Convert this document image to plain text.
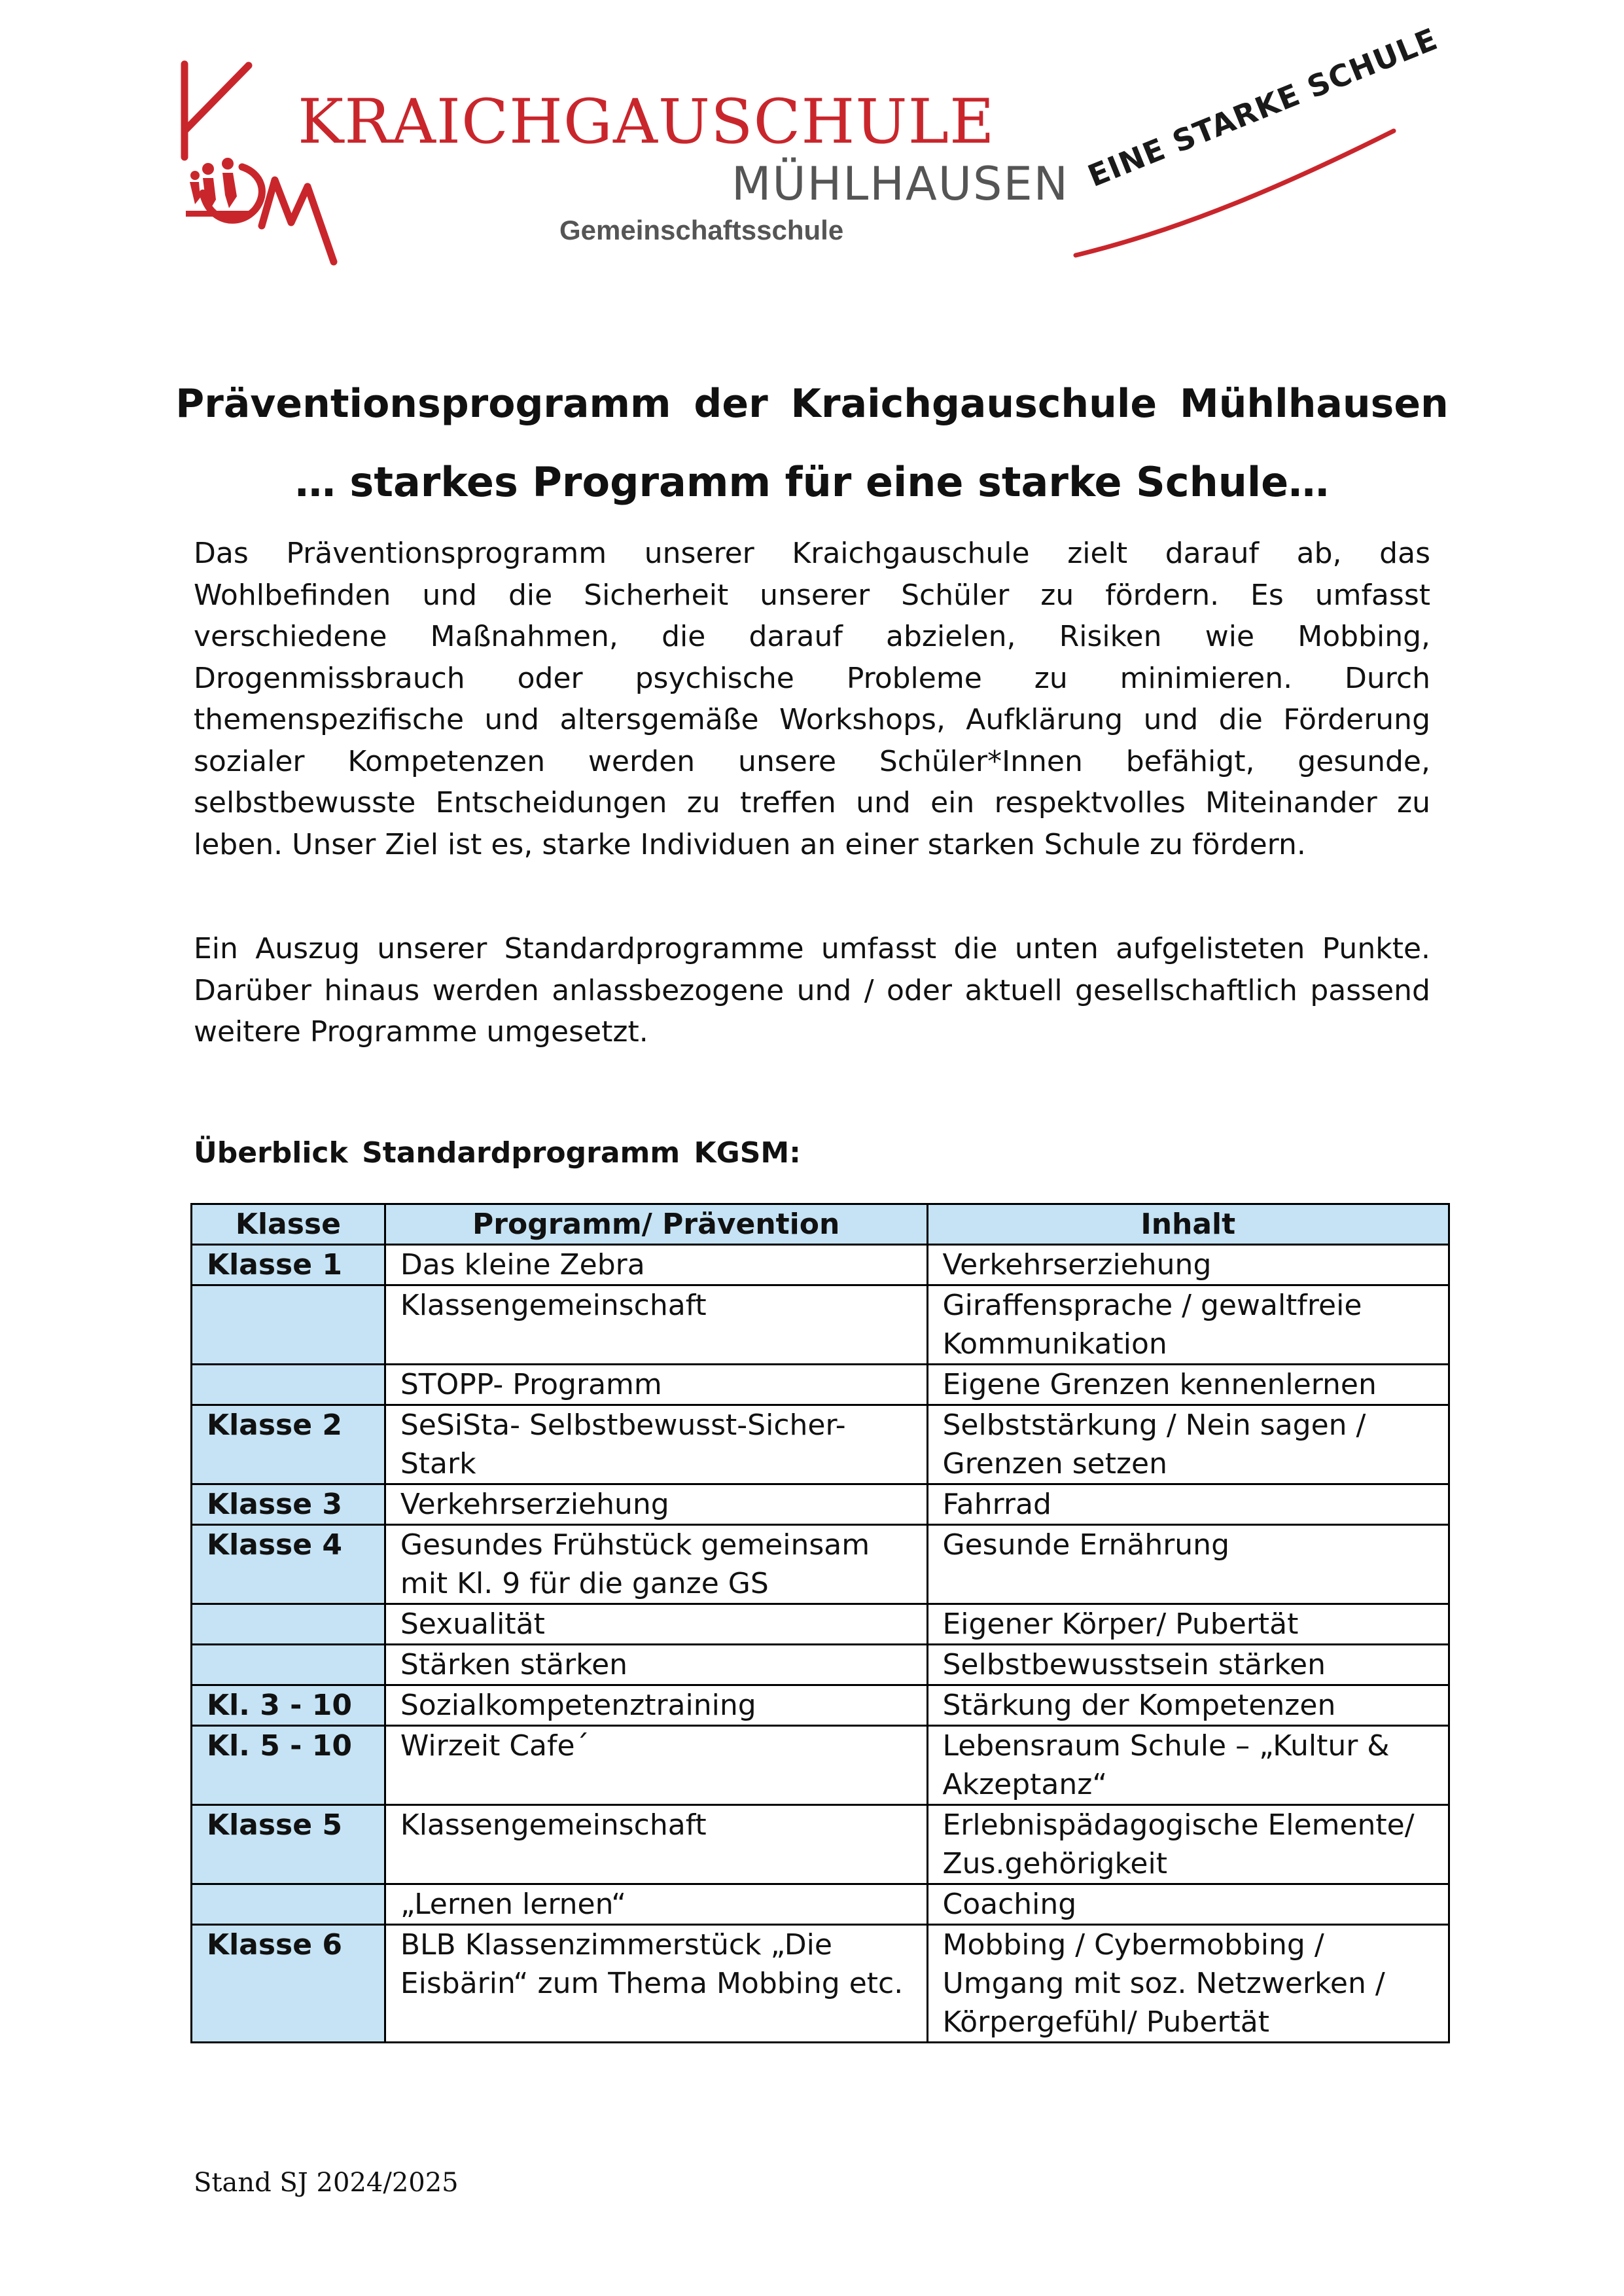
KRAICHGAUSCHULE
MÜHLHAUSEN
Gemeinschaftsschule
EINE STARKE SCHULE
Präventionsprogramm der Kraichgauschule Mühlhausen
… starkes Programm für eine starke Schule…
Das Präventionsprogramm unserer Kraichgauschule zielt darauf ab, das Wohlbefinden und die Sicherheit unserer Schüler zu fördern. Es umfasst verschiedene Maßnahmen, die darauf abzielen, Risiken wie Mobbing, Drogenmissbrauch oder psychische Probleme zu minimieren. Durch themenspezifische und altersgemäße Workshops, Aufklärung und die Förderung sozialer Kompetenzen werden unsere Schüler*Innen befähigt, gesunde, selbstbewusste Entscheidungen zu treffen und ein respektvolles Miteinander zu leben. Unser Ziel ist es, starke Individuen an einer starken Schule zu fördern.
Ein Auszug unserer Standardprogramme umfasst die unten aufgelisteten Punkte. Darüber hinaus werden anlassbezogene und / oder aktuell gesellschaftlich passend weitere Programme umgesetzt.
Überblick Standardprogramm KGSM:
Klasse	Programm/ Prävention	Inhalt
Klasse 1	Das kleine Zebra	Verkehrserziehung
	Klassengemeinschaft	Giraffensprache / gewaltfreie Kommunikation
	STOPP- Programm	Eigene Grenzen kennenlernen
Klasse 2	SeSiSta- Selbstbewusst-Sicher-Stark	Selbststärkung / Nein sagen / Grenzen setzen
Klasse 3	Verkehrserziehung	Fahrrad
Klasse 4	Gesundes Frühstück gemeinsam mit Kl. 9 für die ganze GS	Gesunde Ernährung
	Sexualität	Eigener Körper/ Pubertät
	Stärken stärken	Selbstbewusstsein stärken
Kl. 3 - 10	Sozialkompetenztraining	Stärkung der Kompetenzen
Kl. 5 - 10	Wirzeit Cafe´	Lebensraum Schule – „Kultur & Akzeptanz“
Klasse 5	Klassengemeinschaft	Erlebnispädagogische Elemente/ Zus.gehörigkeit
	„Lernen lernen“	Coaching
Klasse 6	BLB Klassenzimmerstück „Die Eisbärin“ zum Thema Mobbing etc.	Mobbing / Cybermobbing / Umgang mit soz. Netzwerken / Körpergefühl/ Pubertät
Stand SJ 2024/2025
